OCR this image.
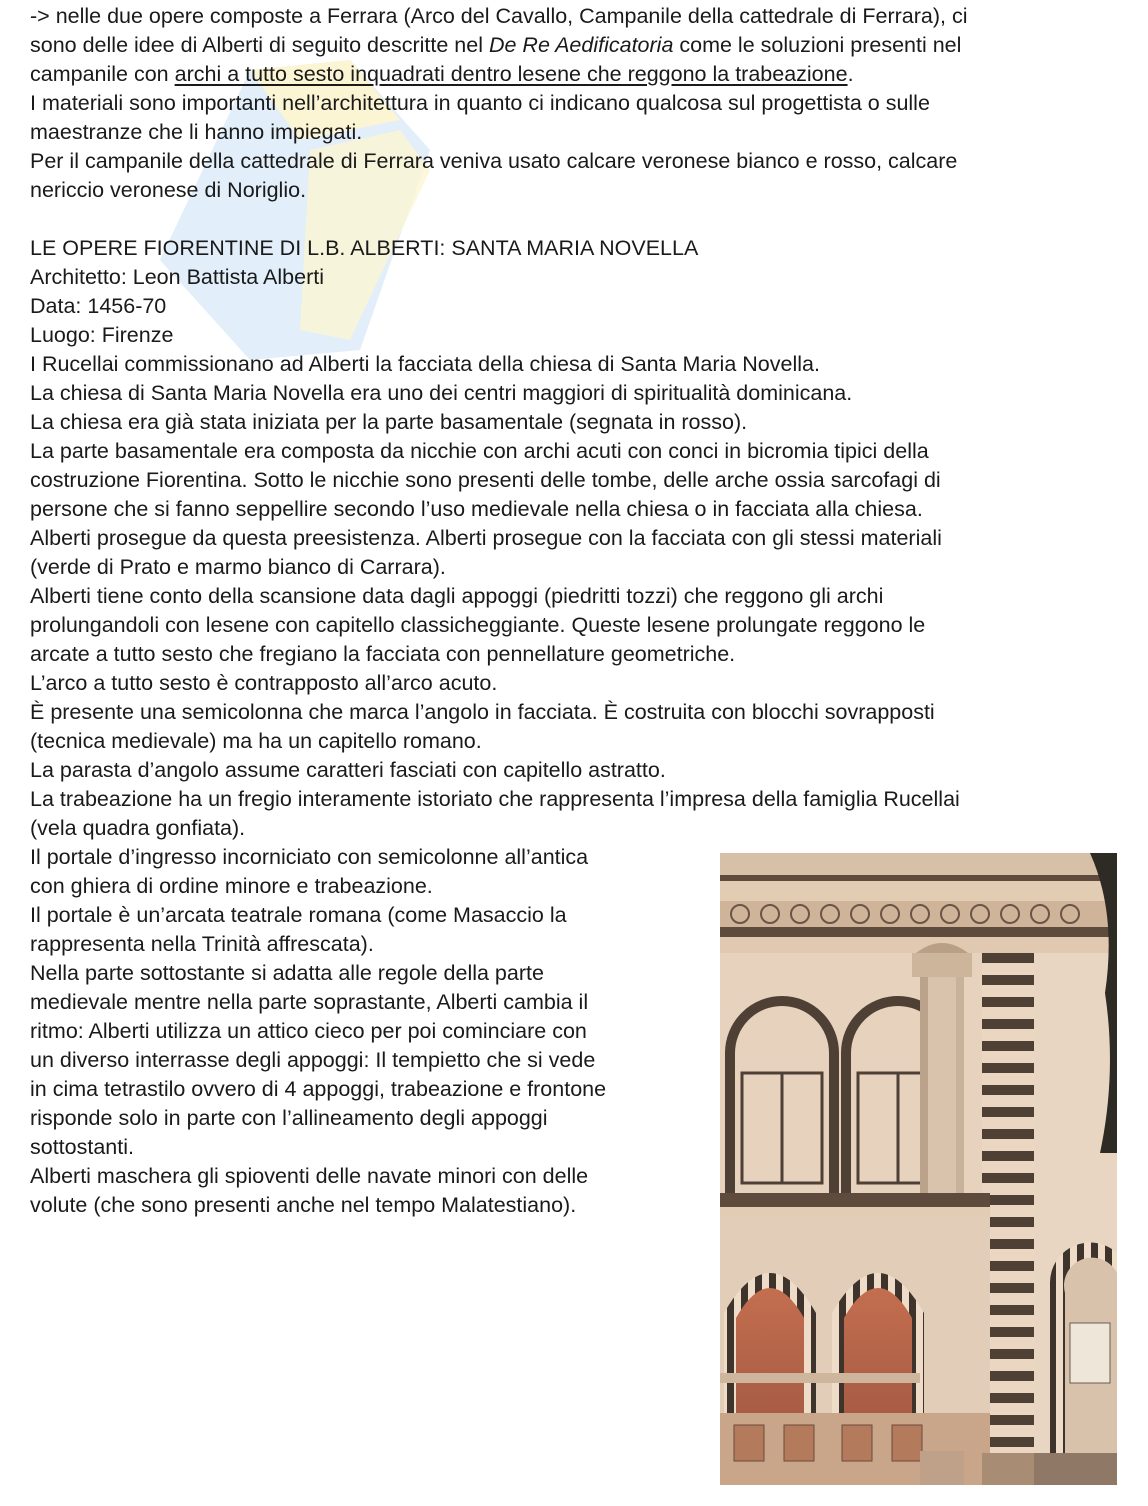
-> nelle due opere composte a Ferrara (Arco del Cavallo, Campanile della cattedrale di Ferrara), ci
sono delle idee di Alberti di seguito descritte nel De Re Aedificatoria come le soluzioni presenti nel
campanile con archi a tutto sesto inquadrati dentro lesene che reggono la trabeazione.
I materiali sono importanti nell’architettura in quanto ci indicano qualcosa sul progettista o sulle
maestranze che li hanno impiegati.
Per il campanile della cattedrale di Ferrara veniva usato calcare veronese bianco e rosso, calcare
nericcio veronese di Noriglio.
LE OPERE FIORENTINE DI L.B. ALBERTI: SANTA MARIA NOVELLA
Architetto: Leon Battista Alberti
Data: 1456-70
Luogo: Firenze
I Rucellai commissionano ad Alberti la facciata della chiesa di Santa Maria Novella.
La chiesa di Santa Maria Novella era uno dei centri maggiori di spiritualità dominicana.
La chiesa era già stata iniziata per la parte basamentale (segnata in rosso).
La parte basamentale era composta da nicchie con archi acuti con conci in bicromia tipici della
costruzione Fiorentina. Sotto le nicchie sono presenti delle tombe, delle arche ossia sarcofagi di
persone che si fanno seppellire secondo l’uso medievale nella chiesa o in facciata alla chiesa.
Alberti prosegue da questa preesistenza. Alberti prosegue con la facciata con gli stessi materiali
(verde di Prato e marmo bianco di Carrara).
Alberti tiene conto della scansione data dagli appoggi (piedritti tozzi) che reggono gli archi
prolungandoli con lesene con capitello classicheggiante. Queste lesene prolungate reggono le
arcate a tutto sesto che fregiano la facciata con pennellature geometriche.
L’arco a tutto sesto è contrapposto all’arco acuto.
È presente una semicolonna che marca l’angolo in facciata. È costruita con blocchi sovrapposti
(tecnica medievale) ma ha un capitello romano.
La parasta d’angolo assume caratteri fasciati con capitello astratto.
La trabeazione ha un fregio interamente istoriato che rappresenta l’impresa della famiglia Rucellai
(vela quadra gonfiata).
Il portale d’ingresso incorniciato con semicolonne all’antica
con ghiera di ordine minore e trabeazione.
Il portale è un’arcata teatrale romana (come Masaccio la
rappresenta nella Trinità affrescata).
Nella parte sottostante si adatta alle regole della parte
medievale mentre nella parte soprastante, Alberti cambia il
ritmo: Alberti utilizza un attico cieco per poi cominciare con
un diverso interrasse degli appoggi: Il tempietto che si vede
in cima tetrastilo ovvero di 4 appoggi, trabeazione e frontone
risponde solo in parte con l’allineamento degli appoggi
sottostanti.
Alberti maschera gli spioventi delle navate minori con delle
volute (che sono presenti anche nel tempo Malatestiano).
